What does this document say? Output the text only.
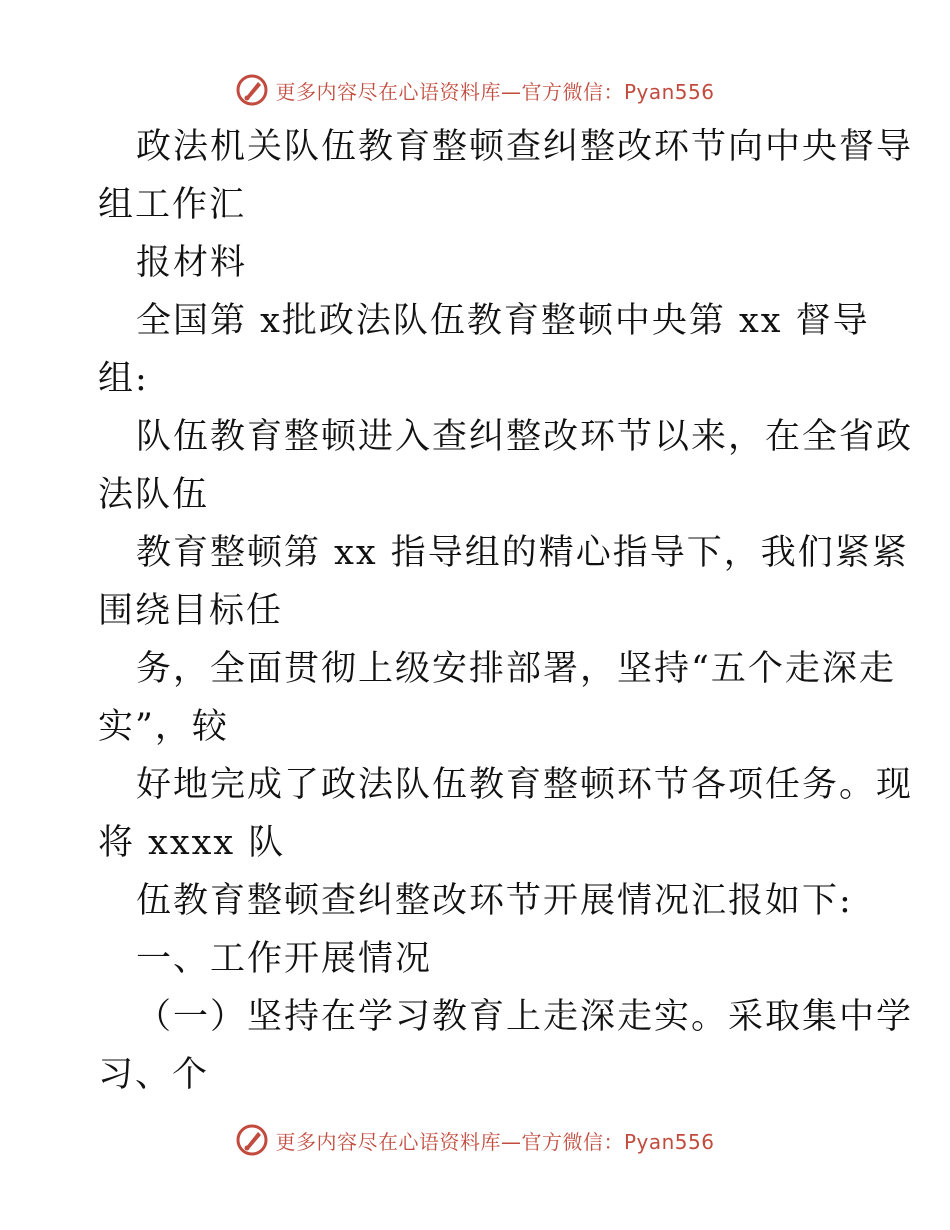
更多内容尽在心语资料库—官方微信：Pyan556

政法机关队伍教育整顿查纠整改环节向中央督导

组工作汇

报材料

全国第 x批政法队伍教育整顿中央第 xx 督导

组:

队伍教育整顿进入查纠整改环节以来，在全省政

法队伍

教育整顿第 xx 指导组的精心指导下，我们紧紧

围绕目标任

务，全面贯彻上级安排部署，坚持“五个走深走

实”，较

好地完成了政法队伍教育整顿环节各项任务。现

将 xxxx 队

伍教育整顿查纠整改环节开展情况汇报如下:

一、工作开展情况

（一）坚持在学习教育上走深走实。采取集中学

习、个

更多内容尽在心语资料库—官方微信：Pyan556
